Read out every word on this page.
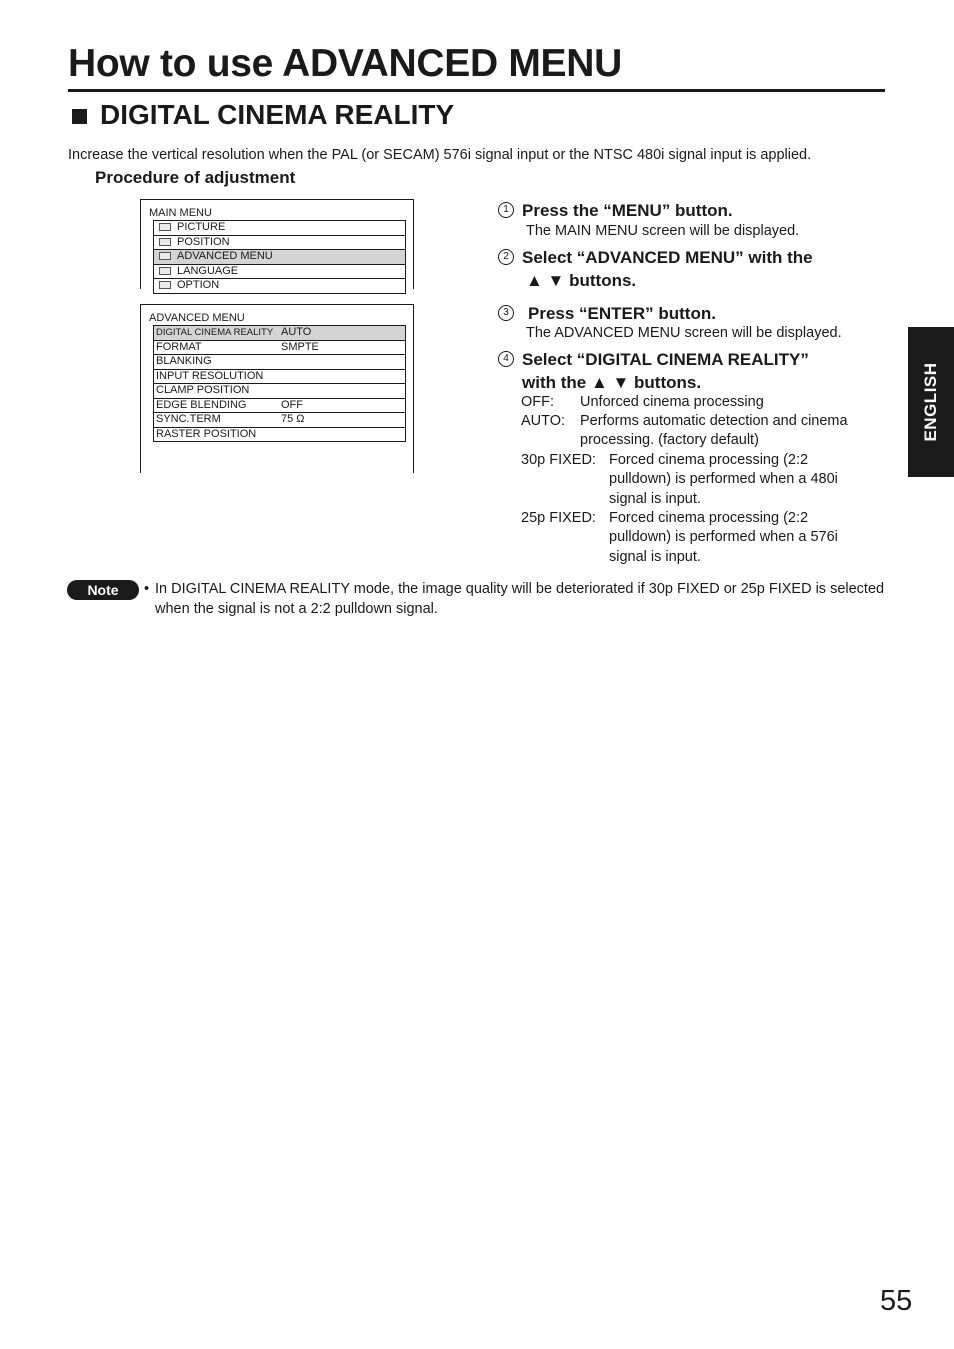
How to use ADVANCED MENU
DIGITAL CINEMA REALITY
Increase the vertical resolution when the PAL (or SECAM) 576i signal input or the NTSC 480i signal input is applied.
Procedure of adjustment
MAIN MENU
PICTURE
POSITION
ADVANCED MENU
LANGUAGE
OPTION
ADVANCED MENU
DIGITAL CINEMA REALITY AUTO
FORMAT	SMPTE
BLANKING
INPUT RESOLUTION
CLAMP POSITION
EDGE BLENDING	OFF
SYNC.TERM	75 Ω
RASTER POSITION
1 Press the “MENU” button.
The MAIN MENU screen will be displayed.
2 Select “ADVANCED MENU” with the
▲ ▼ buttons.
3	Press “ENTER” button.
The ADVANCED MENU screen will be displayed.
4 Select “DIGITAL CINEMA REALITY”
with the ▲ ▼ buttons.
OFF: Unforced cinema processing
AUTO: Performs automatic detection and cinema processing. (factory default)
30p FIXED: Forced cinema processing (2:2 pulldown) is performed when a 480i signal is input.
25p FIXED: Forced cinema processing (2:2 pulldown) is performed when a 576i signal is input.
ENGLISH
Note	• In DIGITAL CINEMA REALITY mode, the image quality will be deteriorated if 30p FIXED or 25p FIXED is selected when the signal is not a 2:2 pulldown signal.
55
